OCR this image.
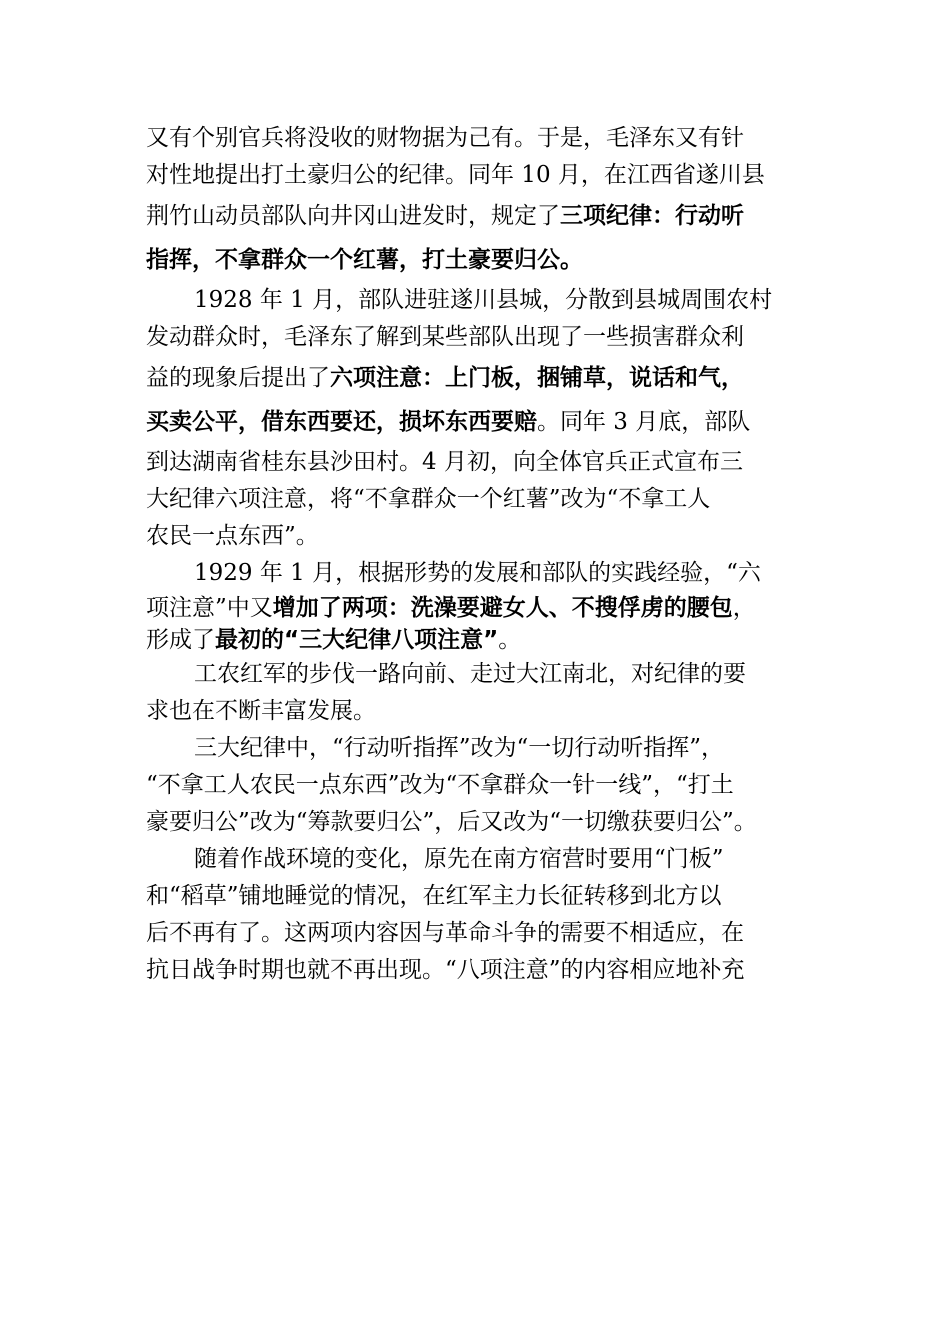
又有个别官兵将没收的财物据为己有。于是，毛泽东又有针
对性地提出打土豪归公的纪律。同年 10 月，在江西省遂川县
荆竹山动员部队向井冈山进发时，规定了三项纪律：行动听
指挥，不拿群众一个红薯，打土豪要归公。
1928 年 1 月，部队进驻遂川县城，分散到县城周围农村
发动群众时，毛泽东了解到某些部队出现了一些损害群众利
益的现象后提出了六项注意：上门板，捆铺草，说话和气，
买卖公平，借东西要还，损坏东西要赔。同年 3 月底，部队
到达湖南省桂东县沙田村。4 月初，向全体官兵正式宣布三
大纪律六项注意，将“不拿群众一个红薯”改为“不拿工人
农民一点东西”。
1929 年 1 月，根据形势的发展和部队的实践经验，“六
项注意”中又增加了两项：洗澡要避女人、不搜俘虏的腰包，
形成了最初的“三大纪律八项注意”。
工农红军的步伐一路向前、走过大江南北，对纪律的要
求也在不断丰富发展。
三大纪律中，“行动听指挥”改为“一切行动听指挥”，
“不拿工人农民一点东西”改为“不拿群众一针一线”，“打土
豪要归公”改为“筹款要归公”，后又改为“一切缴获要归公”。
随着作战环境的变化，原先在南方宿营时要用“门板”
和“稻草”铺地睡觉的情况，在红军主力长征转移到北方以
后不再有了。这两项内容因与革命斗争的需要不相适应，在
抗日战争时期也就不再出现。“八项注意”的内容相应地补充
